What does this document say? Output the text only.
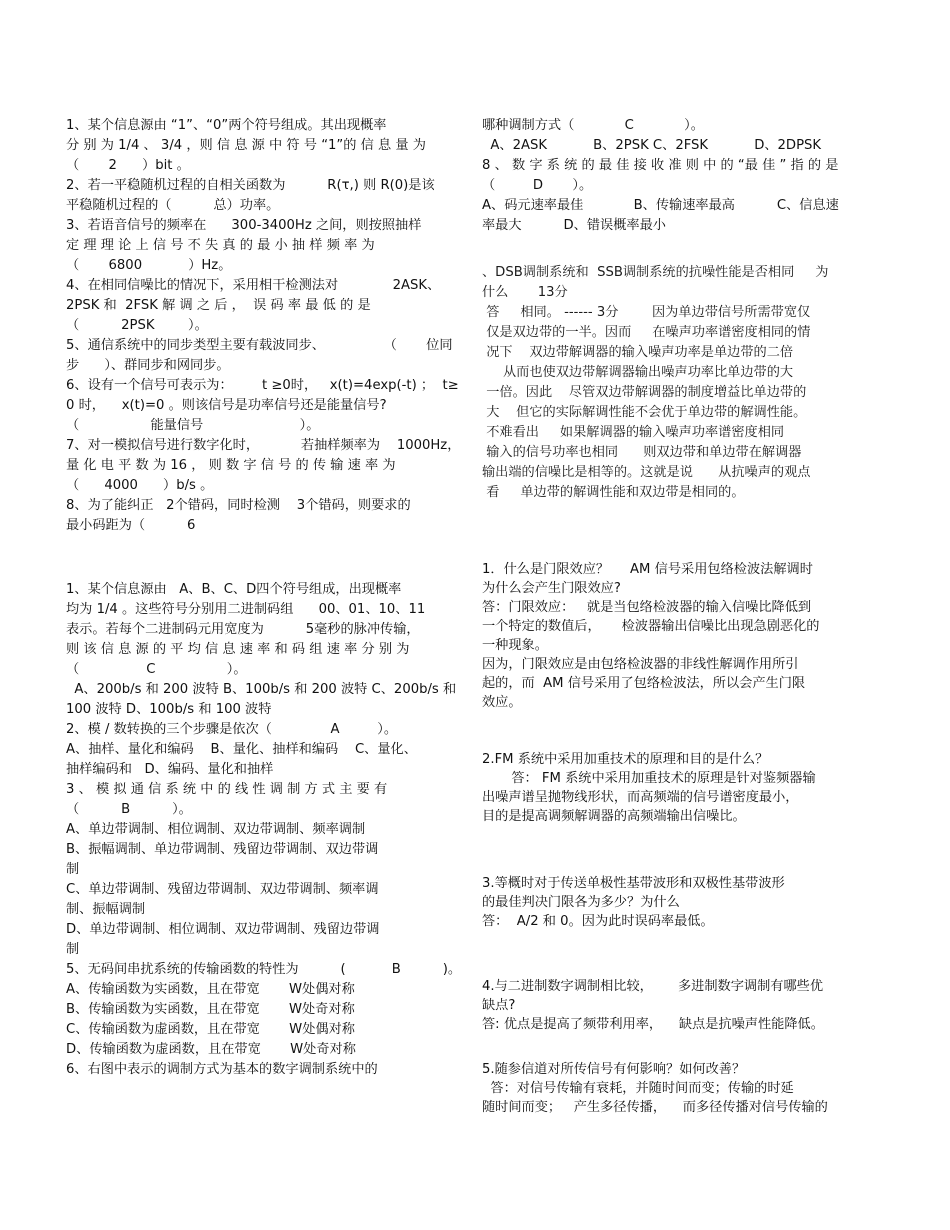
1、某个信息源由 “1”、“0”两个符号组成。其出现概率
分 别 为 1/4 、 3/4 ，则 信 息 源 中 符 号 “1”的 信 息 量 为
（       2      ）bit 。
2、若一平稳随机过程的自相关函数为          R(τ,) 则 R(0)是该
平稳随机过程的（          总）功率。
3、若语音信号的频率在      300-3400Hz 之间，则按照抽样
定 理 理 论 上 信 号 不 失 真 的 最 小 抽 样 频 率 为
（       6800           ）Hz。
4、在相同信噪比的情况下，采用相干检测法对             2ASK、
2PSK 和  2FSK 解 调 之 后 ，  误 码 率 最 低 的 是
（          2PSK        ）。
5、通信系统中的同步类型主要有载波同步、              （       位同
步      ）、群同步和网同步。
6、设有一个信号可表示为：       t ≥0时，   x(t)=4exp(-t) ；  t≥
0 时，    x(t)=0 。则该信号是功率信号还是能量信号?
（                 能量信号                       ）。
7、对一模拟信号进行数字化时，          若抽样频率为    1000Hz，
量 化 电 平 数 为 16 ， 则 数 字 信 号 的 传 输 速 率 为
（      4000      ）b/s 。
8、为了能纠正   2个错码，同时检测    3个错码，则要求的
最小码距为（          6
1、某个信息源由   A、B、C、D四个符号组成，出现概率
均为 1/4 。这些符号分别用二进制码组      00、01、10、11
表示。若每个二进制码元用宽度为          5毫秒的脉冲传输，
则 该 信 息 源 的 平 均 信 息 速 率 和 码 组 速 率 分 别 为
（                C                 ）。
A、200b/s 和 200 波特 B、100b/s 和 200 波特 C、200b/s 和
100 波特 D、100b/s 和 100 波特
2、模 / 数转换的三个步骤是依次（              A         ）。
A、抽样、量化和编码    B、量化、抽样和编码    C、量化、
抽样编码和   D、编码、量化和抽样
3 、 模 拟 通 信 系 统 中 的 线 性 调 制 方 式 主 要 有
（          B          ）。
A、单边带调制、相位调制、双边带调制、频率调制
B、振幅调制、单边带调制、残留边带调制、双边带调
制
C、单边带调制、残留边带调制、双边带调制、频率调
制、振幅调制
D、单边带调制、相位调制、双边带调制、残留边带调
制
5、无码间串扰系统的传输函数的特性为          (           B          )。
A、传输函数为实函数，且在带宽       W处偶对称
B、传输函数为实函数，且在带宽       W处奇对称
C、传输函数为虚函数，且在带宽       W处偶对称
D、传输函数为虚函数，且在带宽       W处奇对称
6、右图中表示的调制方式为基本的数字调制系统中的
哪种调制方式（            C            ）。
A、2ASK           B、2PSK C、2FSK           D、2DPSK
8 、 数 字 系 统 的 最 佳 接 收 准 则 中 的 “最 佳 ” 指 的 是
（         D       ）。
A、码元速率最佳            B、传输速率最高          C、信息速
率最大          D、错误概率最小
、DSB调制系统和  SSB调制系统的抗噪性能是否相同     为
什么       13分
答     相同。 ------ 3分        因为单边带信号所需带宽仅
仅是双边带的一半。因而     在噪声功率谱密度相同的情
况下    双边带解调器的输入噪声功率是单边带的二倍
从而也使双边带解调器输出噪声功率比单边带的大
一倍。因此    尽管双边带解调器的制度增益比单边带的
大    但它的实际解调性能不会优于单边带的解调性能。
不难看出     如果解调器的输入噪声功率谱密度相同
输入的信号功率也相同      则双边带和单边带在解调器
输出端的信噪比是相等的。这就是说      从抗噪声的观点
看     单边带的解调性能和双边带是相同的。
1．什么是门限效应？     AM 信号采用包络检波法解调时
为什么会产生门限效应?
答：门限效应：   就是当包络检波器的输入信噪比降低到
一个特定的数值后，     检波器输出信噪比出现急剧恶化的
一种现象。
因为，门限效应是由包络检波器的非线性解调作用所引
起的，而  AM 信号采用了包络检波法，所以会产生门限
效应。
2.FM 系统中采用加重技术的原理和目的是什么？
答： FM 系统中采用加重技术的原理是针对鉴频器输
出噪声谱呈抛物线形状，而高频端的信号谱密度最小，
目的是提高调频解调器的高频端输出信噪比。
3.等概时对于传送单极性基带波形和双极性基带波形
的最佳判决门限各为多少？为什么
答：  A/2 和 0。因为此时误码率最低。
4.与二进制数字调制相比较，      多进制数字调制有哪些优
缺点?
答: 优点是提高了频带利用率，    缺点是抗噪声性能降低。
5.随参信道对所传信号有何影响？如何改善？
答：对信号传输有衰耗，并随时间而变；传输的时延
随时间而变；   产生多径传播，    而多径传播对信号传输的
